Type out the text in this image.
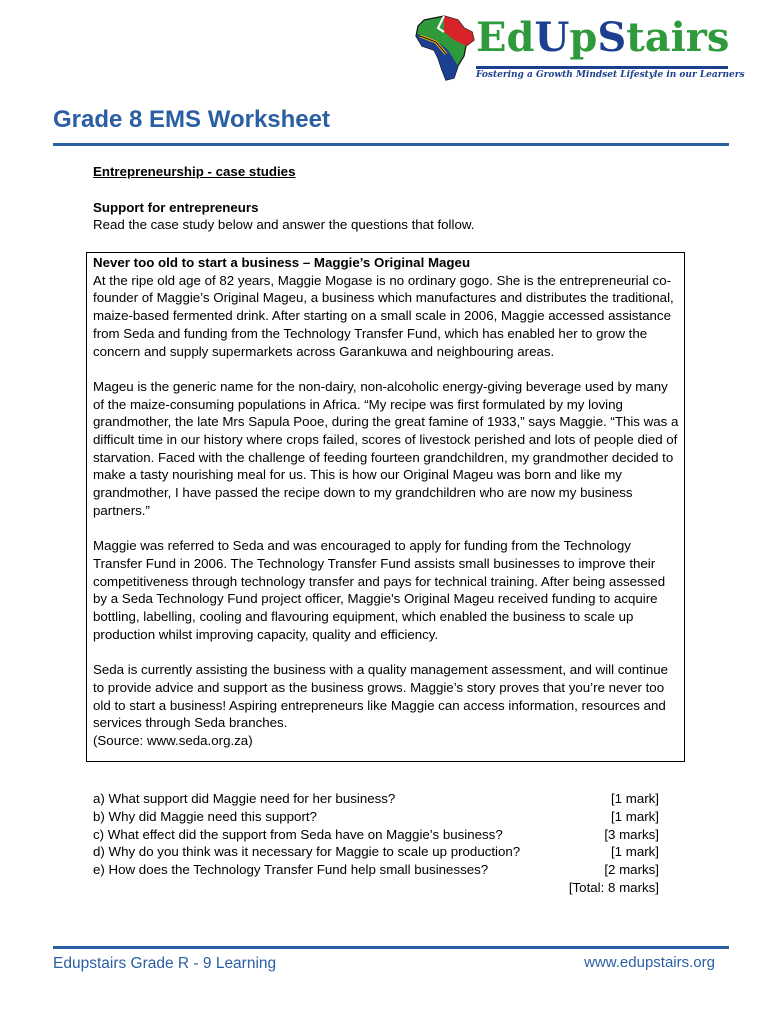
EdUpStairs
Fostering a Growth Mindset Lifestyle in our Learners
Grade 8 EMS Worksheet
Entrepreneurship - case studies
Support for entrepreneurs
Read the case study below and answer the questions that follow.

Never too old to start a business – Maggie’s Original Mageu

At the ripe old age of 82 years, Maggie Mogase is no ordinary gogo. She is the entrepreneurial co-founder of Maggie’s Original Mageu, a business which manufactures and distributes the traditional, maize-based fermented drink. After starting on a small scale in 2006, Maggie accessed assistance from Seda and funding from the Technology Transfer Fund, which has enabled her to grow the concern and supply supermarkets across Garankuwa and neighbouring areas.

Mageu is the generic name for the non-dairy, non-alcoholic energy-giving beverage used by many of the maize-consuming populations in Africa. “My recipe was first formulated by my loving grandmother, the late Mrs Sapula Pooe, during the great famine of 1933,” says Maggie. “This was a difficult time in our history where crops failed, scores of livestock perished and lots of people died of starvation. Faced with the challenge of feeding fourteen grandchildren, my grandmother decided to make a tasty nourishing meal for us. This is how our Original Mageu was born and like my grandmother, I have passed the recipe down to my grandchildren who are now my business partners.”

Maggie was referred to Seda and was encouraged to apply for funding from the Technology Transfer Fund in 2006. The Technology Transfer Fund assists small businesses to improve their competitiveness through technology transfer and pays for technical training. After being assessed by a Seda Technology Fund project officer, Maggie's Original Mageu received funding to acquire bottling, labelling, cooling and flavouring equipment, which enabled the business to scale up production whilst improving capacity, quality and efficiency.

Seda is currently assisting the business with a quality management assessment, and will continue to provide advice and support as the business grows. Maggie’s story proves that you’re never too old to start a business! Aspiring entrepreneurs like Maggie can access information, resources and services through Seda branches.

(Source: www.seda.org.za)
a) What support did Maggie need for her business?	[1 mark]
b) Why did Maggie need this support?	[1 mark]
c) What effect did the support from Seda have on Maggie’s business?	[3 marks]
d) Why do you think was it necessary for Maggie to scale up production?	[1 mark]
e) How does the Technology Transfer Fund help small businesses?	[2 marks]
[Total: 8 marks]
Edupstairs Grade R - 9 Learning	www.edupstairs.org
